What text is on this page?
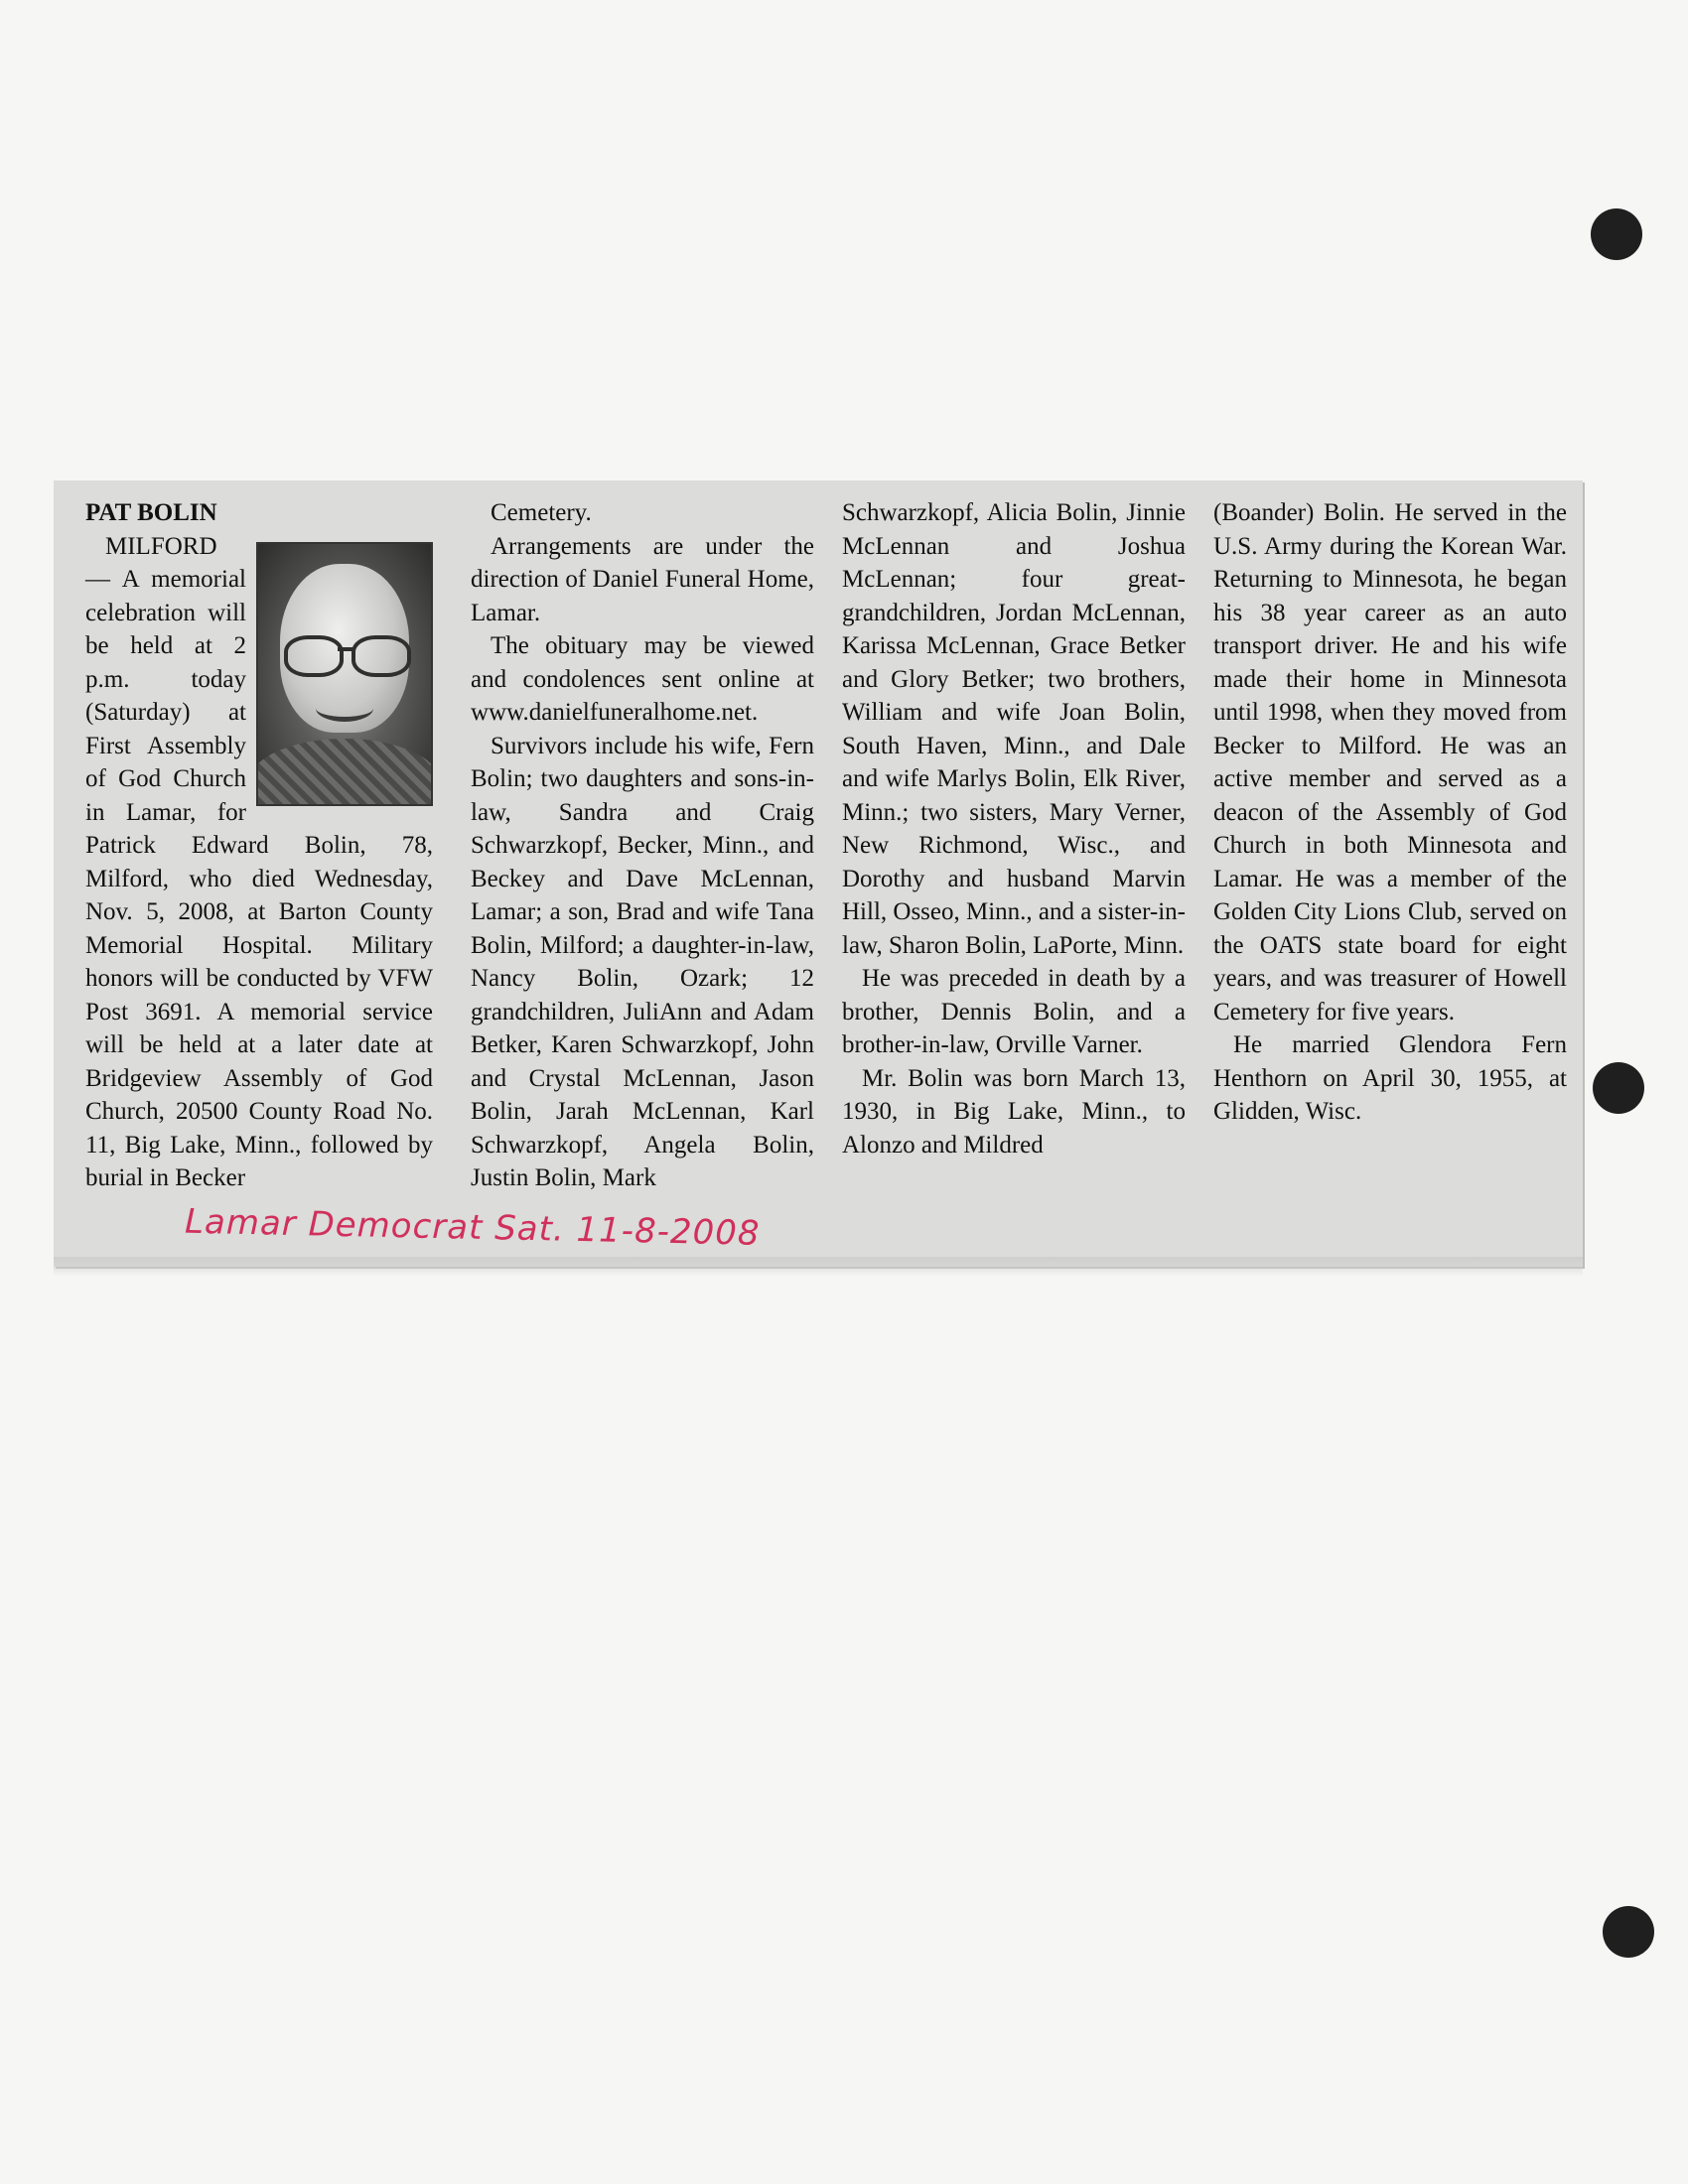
PAT BOLIN

MILFORD

— A memorial celebration will be held at 2 p.m. today (Saturday) at First Assembly of God Church in Lamar, for Patrick Edward Bolin, 78, Milford, who died Wednesday, Nov. 5, 2008, at Barton County Memorial Hospital. Military honors will be conducted by VFW Post 3691. A memorial service will be held at a later date at Bridgeview Assembly of God Church, 20500 County Road No. 11, Big Lake, Minn., followed by burial in Becker

Cemetery.

Arrangements are under the direction of Daniel Funeral Home, Lamar.

The obituary may be viewed and condolences sent online at www.danielfuneralhome.net.

Survivors include his wife, Fern Bolin; two daughters and sons-in-law, Sandra and Craig Schwarzkopf, Becker, Minn., and Beckey and Dave McLennan, Lamar; a son, Brad and wife Tana Bolin, Milford; a daughter-in-law, Nancy Bolin, Ozark; 12 grandchildren, JuliAnn and Adam Betker, Karen Schwarzkopf, John and Crystal McLennan, Jason Bolin, Jarah McLennan, Karl Schwarzkopf, Angela Bolin, Justin Bolin, Mark

Schwarzkopf, Alicia Bolin, Jinnie McLennan and Joshua McLennan; four great-grandchildren, Jordan McLennan, Karissa McLennan, Grace Betker and Glory Betker; two brothers, William and wife Joan Bolin, South Haven, Minn., and Dale and wife Marlys Bolin, Elk River, Minn.; two sisters, Mary Verner, New Richmond, Wisc., and Dorothy and husband Marvin Hill, Osseo, Minn., and a sister-in-law, Sharon Bolin, LaPorte, Minn.

He was preceded in death by a brother, Dennis Bolin, and a brother-in-law, Orville Varner.

Mr. Bolin was born March 13, 1930, in Big Lake, Minn., to Alonzo and Mildred

(Boander) Bolin. He served in the U.S. Army during the Korean War. Returning to Minnesota, he began his 38 year career as an auto transport driver. He and his wife made their home in Minnesota until 1998, when they moved from Becker to Milford. He was an active member and served as a deacon of the Assembly of God Church in both Minnesota and Lamar. He was a member of the Golden City Lions Club, served on the OATS state board for eight years, and was treasurer of Howell Cemetery for five years.

He married Glendora Fern Henthorn on April 30, 1955, at Glidden, Wisc.

Lamar Democrat Sat. 11-8-2008
